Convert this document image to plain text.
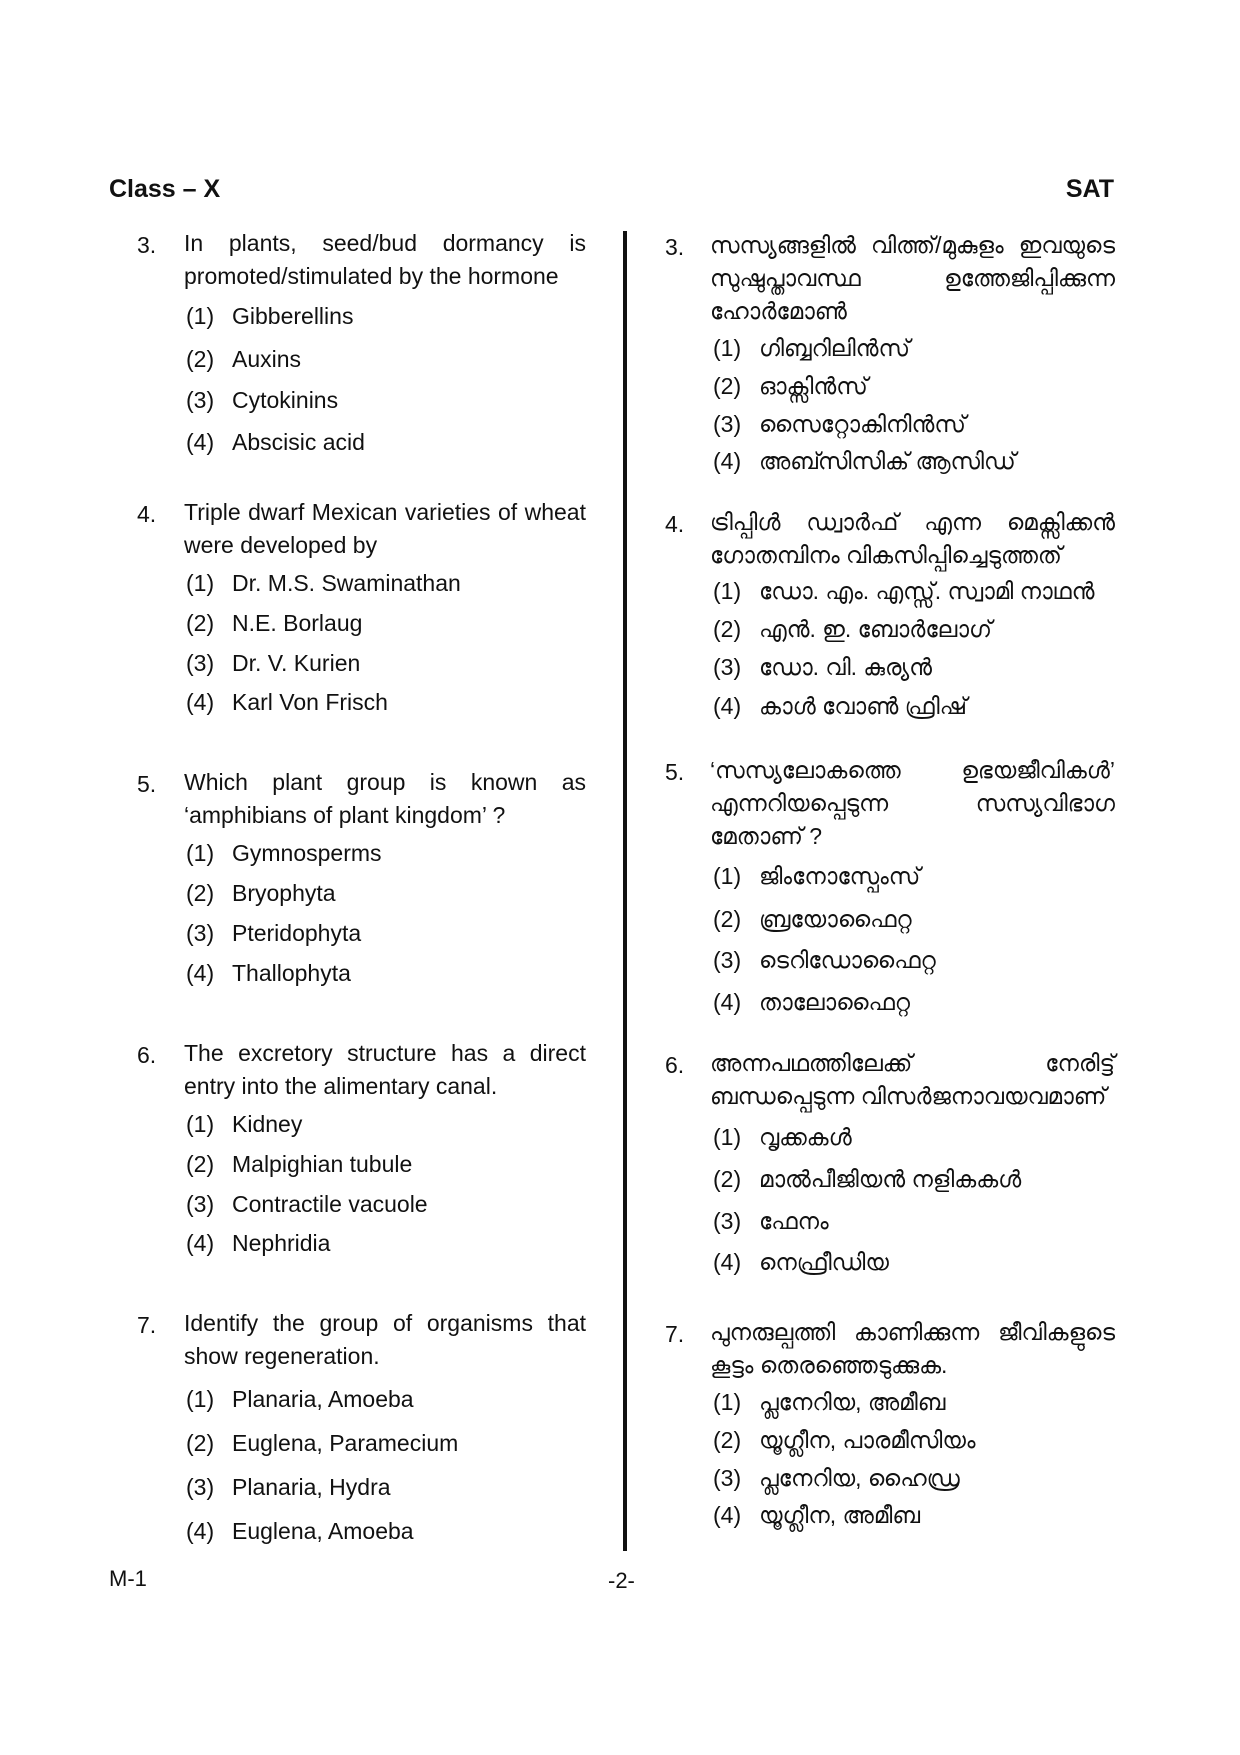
Class – X	SAT
3. In plants, seed/bud dormancy is promoted/stimulated by the hormone
(1) Gibberellins
(2) Auxins
(3) Cytokinins
(4) Abscisic acid
4. Triple dwarf Mexican varieties of wheat were developed by
(1) Dr. M.S. Swaminathan
(2) N.E. Borlaug
(3) Dr. V. Kurien
(4) Karl Von Frisch
5. Which plant group is known as ‘amphibians of plant kingdom’ ?
(1) Gymnosperms
(2) Bryophyta
(3) Pteridophyta
(4) Thallophyta
6. The excretory structure has a direct entry into the alimentary canal.
(1) Kidney
(2) Malpighian tubule
(3) Contractile vacuole
(4) Nephridia
7. Identify the group of organisms that show regeneration.
(1) Planaria, Amoeba
(2) Euglena, Paramecium
(3) Planaria, Hydra
(4) Euglena, Amoeba
3. സസ്യങ്ങളിൽ വിത്ത്/മുകുളം ഇവയുടെ സുഷുപ്താവസ്ഥ ഉത്തേജിപ്പിക്കുന്ന ഹോർമോൺ
(1) ഗിബ്ബറിലിൻസ്
(2) ഓക്സിൻസ്
(3) സൈറ്റോകിനിൻസ്
(4) അബ്സിസിക് ആസിഡ്
4. ട്രിപ്പിൾ ഡ്വാർഫ് എന്ന മെക്സിക്കൻ ഗോതമ്പിനം വികസിപ്പിച്ചെടുത്തത്
(1) ഡോ. എം. എസ്സ്. സ്വാമി നാഥൻ
(2) എൻ. ഇ. ബോർലോഗ്
(3) ഡോ. വി. കുര്യൻ
(4) കാൾ വോൺ ഫ്രിഷ്
5. ‘സസ്യലോകത്തെ ഉഭയജീവികൾ’ എന്നറിയപ്പെടുന്ന സസ്യവിഭാഗ മേതാണ് ?
(1) ജിംനോസ്പേംസ്
(2) ബ്രയോഫൈറ്റ
(3) ടെറിഡോഫൈറ്റ
(4) താലോഫൈറ്റ
6. അന്നപഥത്തിലേക്ക് നേരിട്ട് ബന്ധപ്പെടുന്ന വിസർജനാവയവമാണ്
(1) വൃക്കകൾ
(2) മാൽപീജിയൻ നളികകൾ
(3) ഫേനം
(4) നെഫ്രീഡിയ
7. പുനരുല്പത്തി കാണിക്കുന്ന ജീവികളുടെ കൂട്ടം തെരഞ്ഞെടുക്കുക.
(1) പ്ലനേറിയ, അമീബ
(2) യൂഗ്ലീന, പാരമീസിയം
(3) പ്ലനേറിയ, ഹൈഡ്ര
(4) യൂഗ്ലീന, അമീബ
M-1	-2-
